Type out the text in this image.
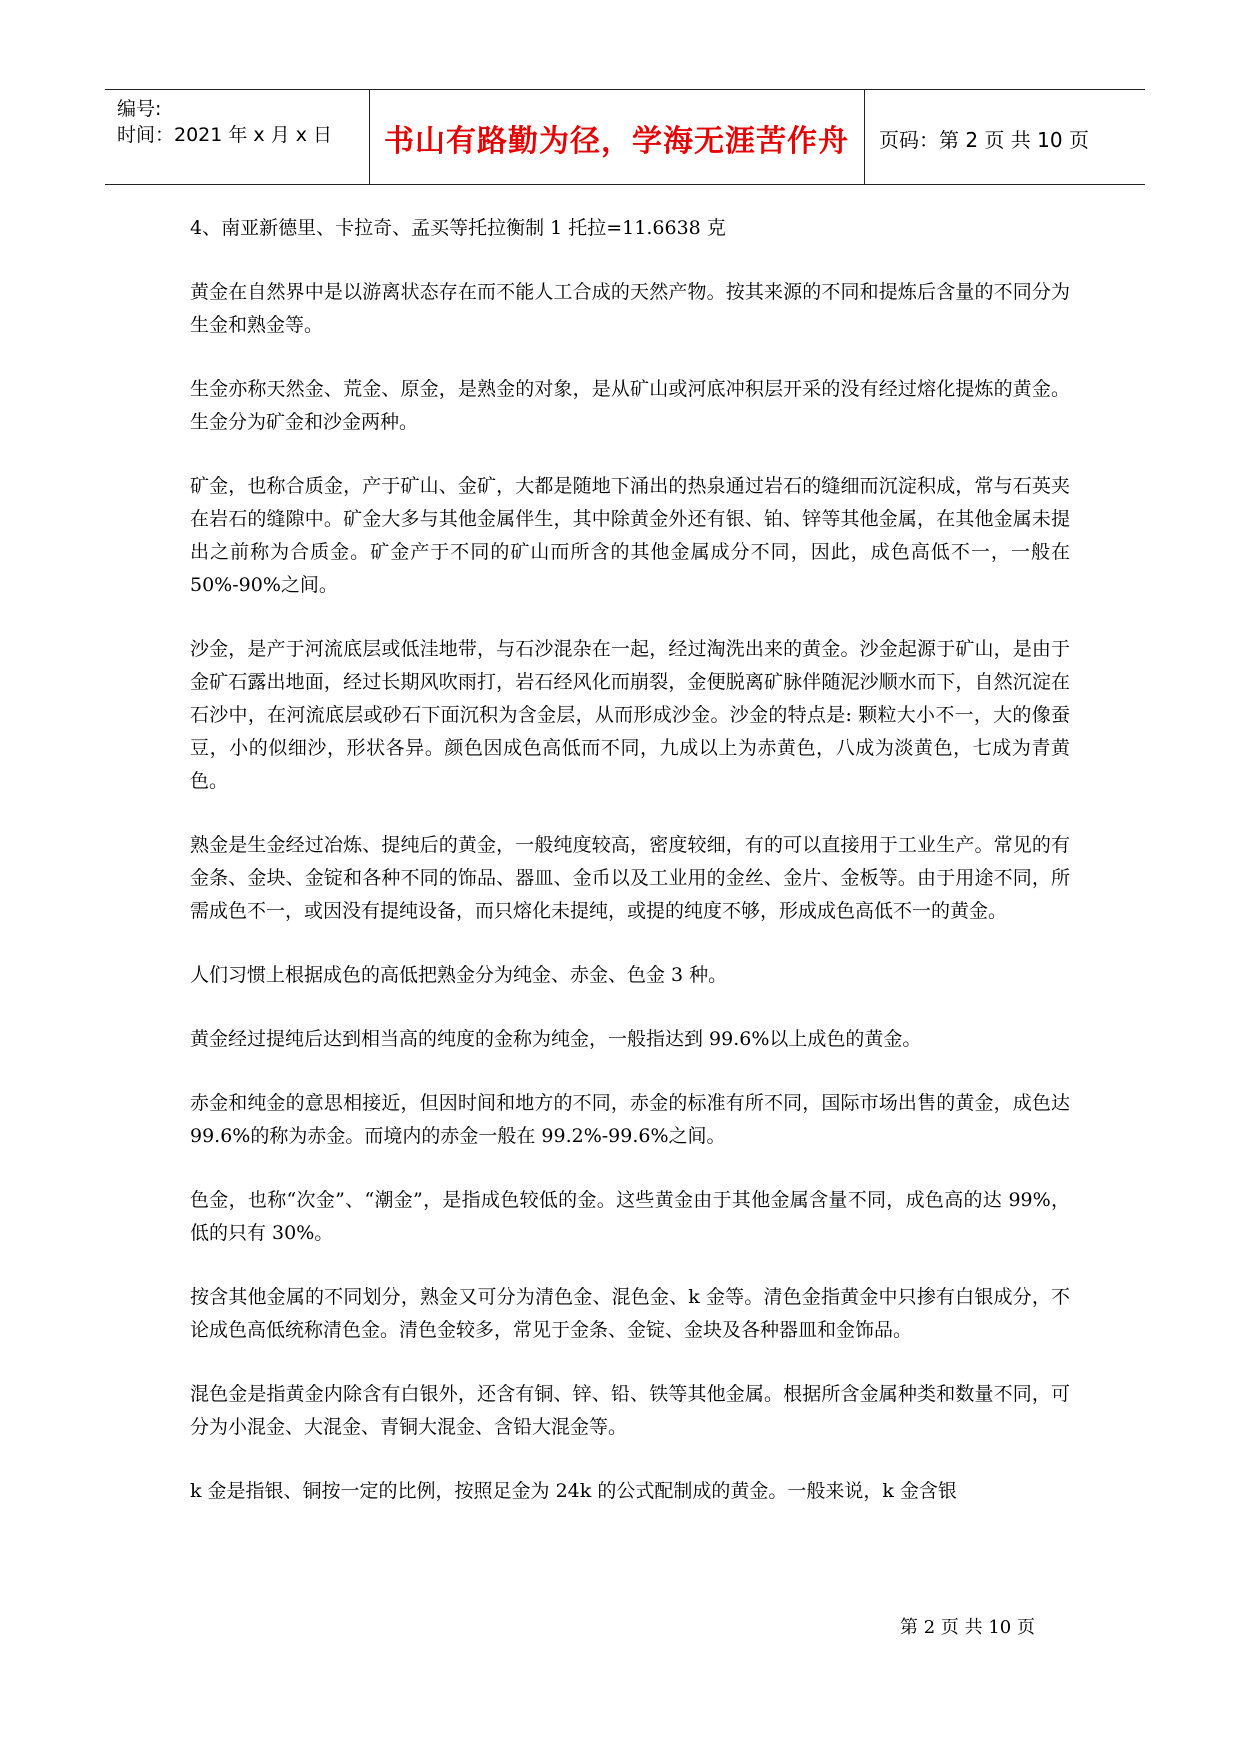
编号:
时间：2021 年 x 月 x 日	书山有路勤为径，学海无涯苦作舟	页码：第 2 页 共 10 页

4、南亚新德里、卡拉奇、孟买等托拉衡制 1 托拉=11.6638 克

黄金在自然界中是以游离状态存在而不能人工合成的天然产物。按其来源的不同和提炼后含量的不同分为生金和熟金等。

生金亦称天然金、荒金、原金，是熟金的对象，是从矿山或河底冲积层开采的没有经过熔化提炼的黄金。生金分为矿金和沙金两种。

矿金，也称合质金，产于矿山、金矿，大都是随地下涌出的热泉通过岩石的缝细而沉淀积成，常与石英夹在岩石的缝隙中。矿金大多与其他金属伴生，其中除黄金外还有银、铂、锌等其他金属，在其他金属未提出之前称为合质金。矿金产于不同的矿山而所含的其他金属成分不同，因此，成色高低不一，一般在 50%-90%之间。

沙金，是产于河流底层或低洼地带，与石沙混杂在一起，经过淘洗出来的黄金。沙金起源于矿山，是由于金矿石露出地面，经过长期风吹雨打，岩石经风化而崩裂，金便脱离矿脉伴随泥沙顺水而下，自然沉淀在石沙中，在河流底层或砂石下面沉积为含金层，从而形成沙金。沙金的特点是: 颗粒大小不一，大的像蚕豆，小的似细沙，形状各异。颜色因成色高低而不同，九成以上为赤黄色，八成为淡黄色，七成为青黄色。

熟金是生金经过冶炼、提纯后的黄金，一般纯度较高，密度较细，有的可以直接用于工业生产。常见的有金条、金块、金锭和各种不同的饰品、器皿、金币以及工业用的金丝、金片、金板等。由于用途不同，所需成色不一，或因没有提纯设备，而只熔化未提纯，或提的纯度不够，形成成色高低不一的黄金。

人们习惯上根据成色的高低把熟金分为纯金、赤金、色金 3 种。

黄金经过提纯后达到相当高的纯度的金称为纯金，一般指达到 99.6%以上成色的黄金。

赤金和纯金的意思相接近，但因时间和地方的不同，赤金的标准有所不同，国际市场出售的黄金，成色达 99.6%的称为赤金。而境内的赤金一般在 99.2%-99.6%之间。

色金，也称“次金”、“潮金”，是指成色较低的金。这些黄金由于其他金属含量不同，成色高的达 99%，低的只有 30%。

按含其他金属的不同划分，熟金又可分为清色金、混色金、k 金等。清色金指黄金中只掺有白银成分，不论成色高低统称清色金。清色金较多，常见于金条、金锭、金块及各种器皿和金饰品。

混色金是指黄金内除含有白银外，还含有铜、锌、铅、铁等其他金属。根据所含金属种类和数量不同，可分为小混金、大混金、青铜大混金、含铅大混金等。

k 金是指银、铜按一定的比例，按照足金为 24k 的公式配制成的黄金。一般来说，k 金含银

第 2 页 共 10 页
